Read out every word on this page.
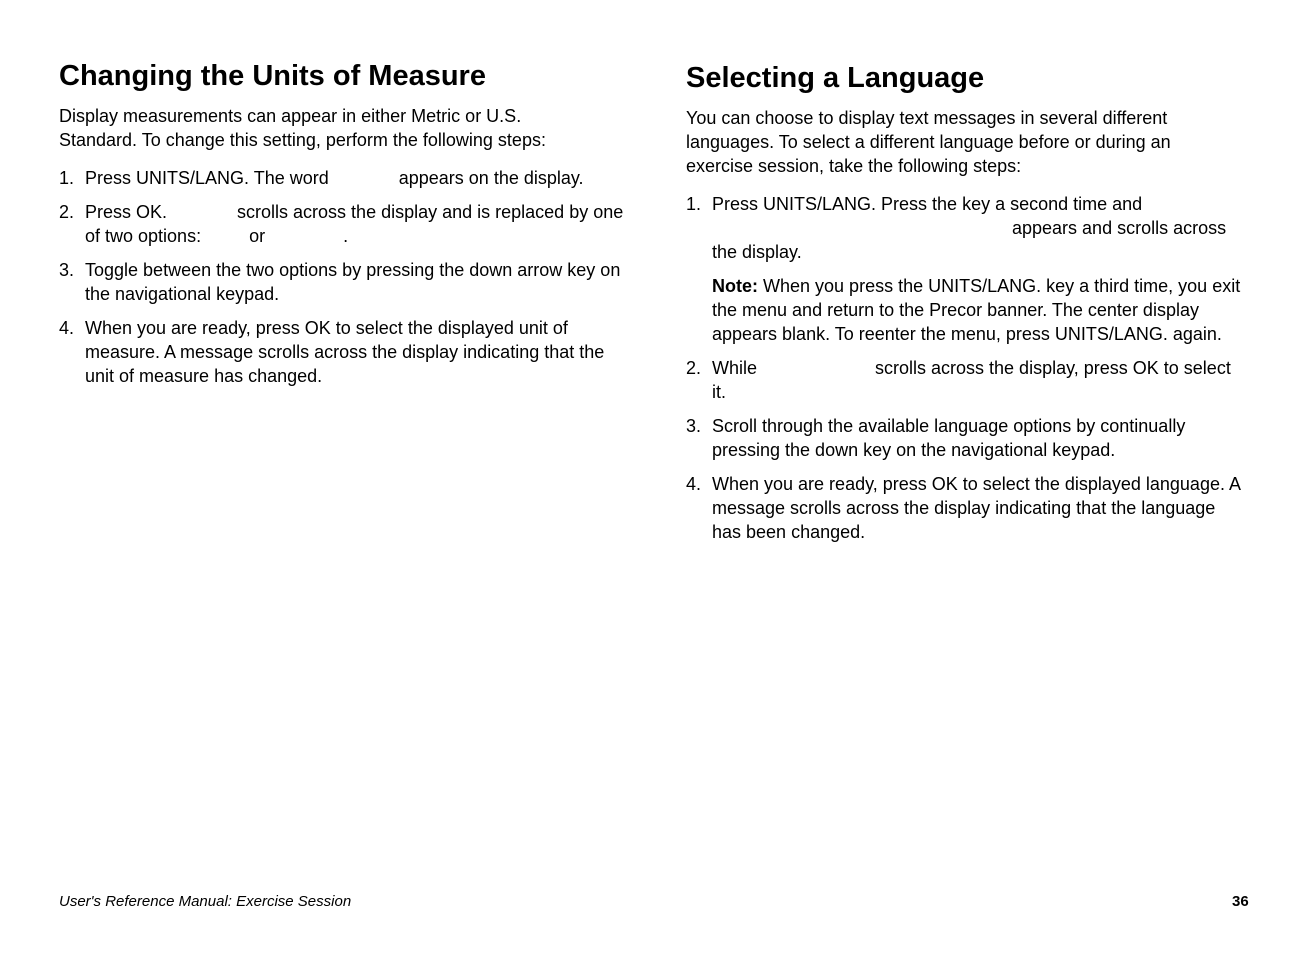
Changing the Units of Measure

Display measurements can appear in either Metric or U.S. Standard. To change this setting, perform the following steps:

1. Press UNITS/LANG. The word	appears on the display.
2. Press OK.	scrolls across the display and is replaced by one of two options:	or	.
3. Toggle between the two options by pressing the down arrow key on the navigational keypad.
4. When you are ready, press OK to select the displayed unit of measure. A message scrolls across the display indicating that the unit of measure has changed.
Selecting a Language

You can choose to display text messages in several different languages. To select a different language before or during an exercise session, take the following steps:

1. Press UNITS/LANG. Press the key a second time andappears and scrolls across the display.
Note: When you press the UNITS/LANG. key a third time, you exit the menu and return to the Precor banner. The center display appears blank. To reenter the menu, press UNITS/LANG. again.
2. While	scrolls across the display, press OK to select it.
3. Scroll through the available language options by continually pressing the down key on the navigational keypad.
4. When you are ready, press OK to select the displayed language. A message scrolls across the display indicating that the language has been changed.
User's Reference Manual: Exercise Session	36
